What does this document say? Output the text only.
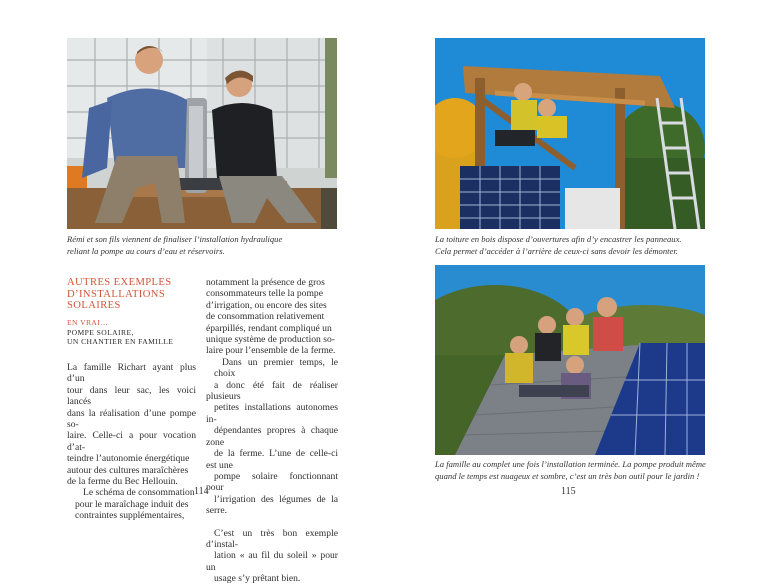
Rémi et son fils viennent de finaliser l’installation hydraulique
reliant la pompe au cours d’eau et réservoirs.
AUTRES EXEMPLES
D’INSTALLATIONS
SOLAIRES
EN VRAI…
POMPE SOLAIRE,
UN CHANTIER EN FAMILLE

La famille Richart ayant plus d’un
tour dans leur sac, les voici lancés
dans la réalisation d’une pompe so-
laire. Celle-ci a pour vocation d’at-
teindre l’autonomie énergétique
autour des cultures maraîchères
de la ferme du Bec Hellouin.

Le schéma de consommation
pour le maraîchage induit des
contraintes supplémentaires,

notamment la présence de gros
consommateurs telle la pompe
d’irrigation, ou encore des sites
de consommation relativement
éparpillés, rendant compliqué un
unique système de production so-
laire pour l’ensemble de la ferme.

Dans un premier temps, le choix
a donc été fait de réaliser plusieurs
petites installations autonomes in-
dépendantes propres à chaque zone
de la ferme. L’une de celle-ci est une
pompe solaire fonctionnant pour
l’irrigation des légumes de la serre.

C’est un très bon exemple d’instal-
lation « au fil du soleil » pour un
usage s’y prêtant bien.

114
La toiture en bois dispose d’ouvertures afin d’y encastrer les panneaux.
Cela permet d’accéder à l’arrière de ceux-ci sans devoir les démonter.
La famille au complet une fois l’installation terminée. La pompe produit même
quand le temps est nuageux et sombre, c’est un très bon outil pour le jardin !
115
